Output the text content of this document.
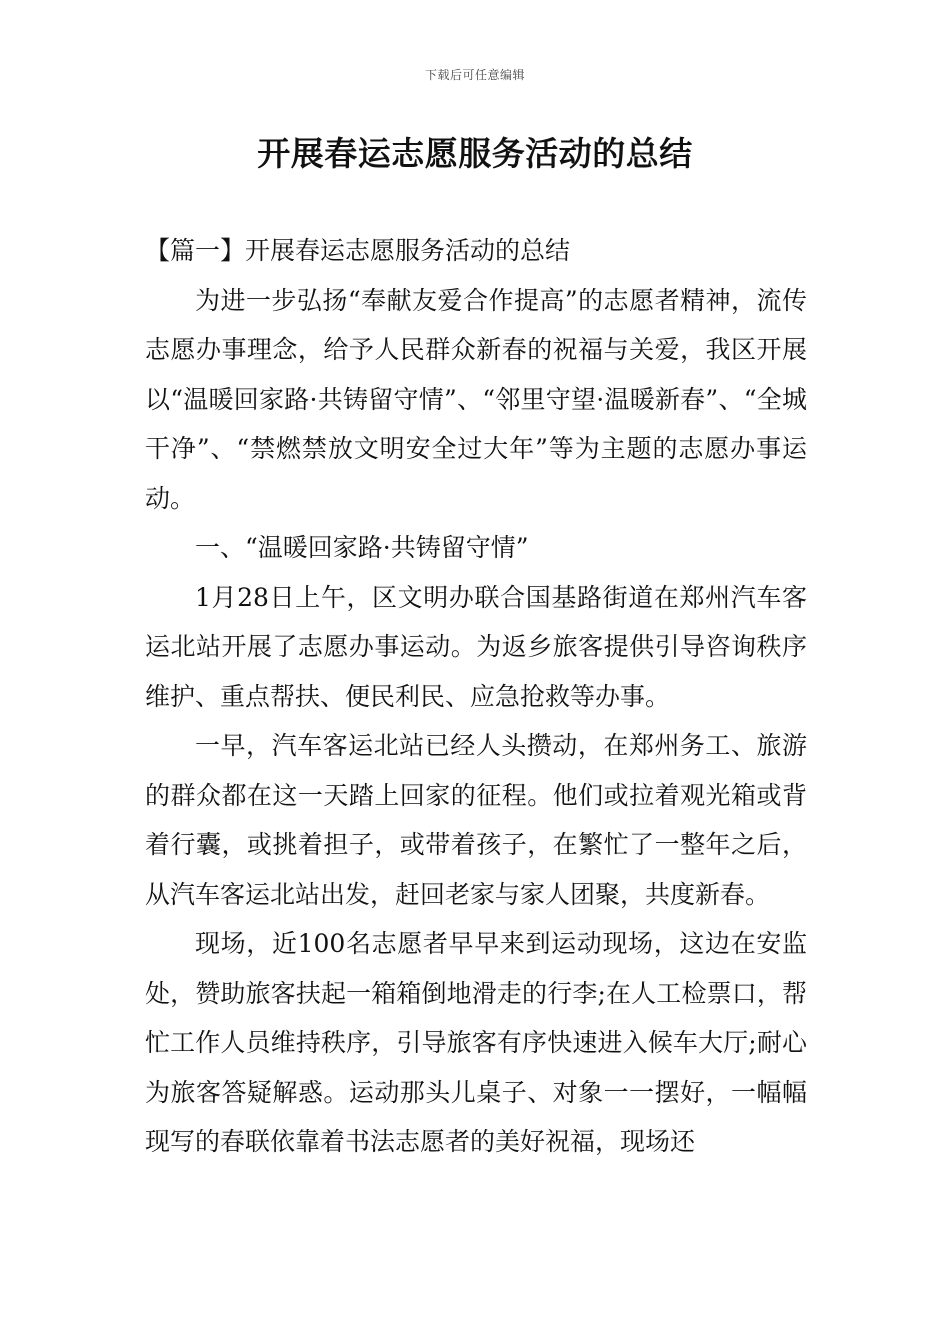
下载后可任意编辑
开展春运志愿服务活动的总结

【篇一】开展春运志愿服务活动的总结

为进一步弘扬“奉献友爱合作提高”的志愿者精神，流传志愿办事理念，给予人民群众新春的祝福与关爱，我区开展以“温暖回家路·共铸留守情”、“邻里守望·温暖新春”、“全城干净”、“禁燃禁放文明安全过大年”等为主题的志愿办事运动。

一、“温暖回家路·共铸留守情”

1月28日上午，区文明办联合国基路街道在郑州汽车客运北站开展了志愿办事运动。为返乡旅客提供引导咨询秩序维护、重点帮扶、便民利民、应急抢救等办事。

一早，汽车客运北站已经人头攒动，在郑州务工、旅游的群众都在这一天踏上回家的征程。他们或拉着观光箱或背着行囊，或挑着担子，或带着孩子，在繁忙了一整年之后，从汽车客运北站出发，赶回老家与家人团聚，共度新春。

现场，近100名志愿者早早来到运动现场，这边在安监处，赞助旅客扶起一箱箱倒地滑走的行李;在人工检票口，帮忙工作人员维持秩序，引导旅客有序快速进入候车大厅;耐心为旅客答疑解惑。运动那头儿桌子、对象一一摆好，一幅幅现写的春联依靠着书法志愿者的美好祝福，现场还
